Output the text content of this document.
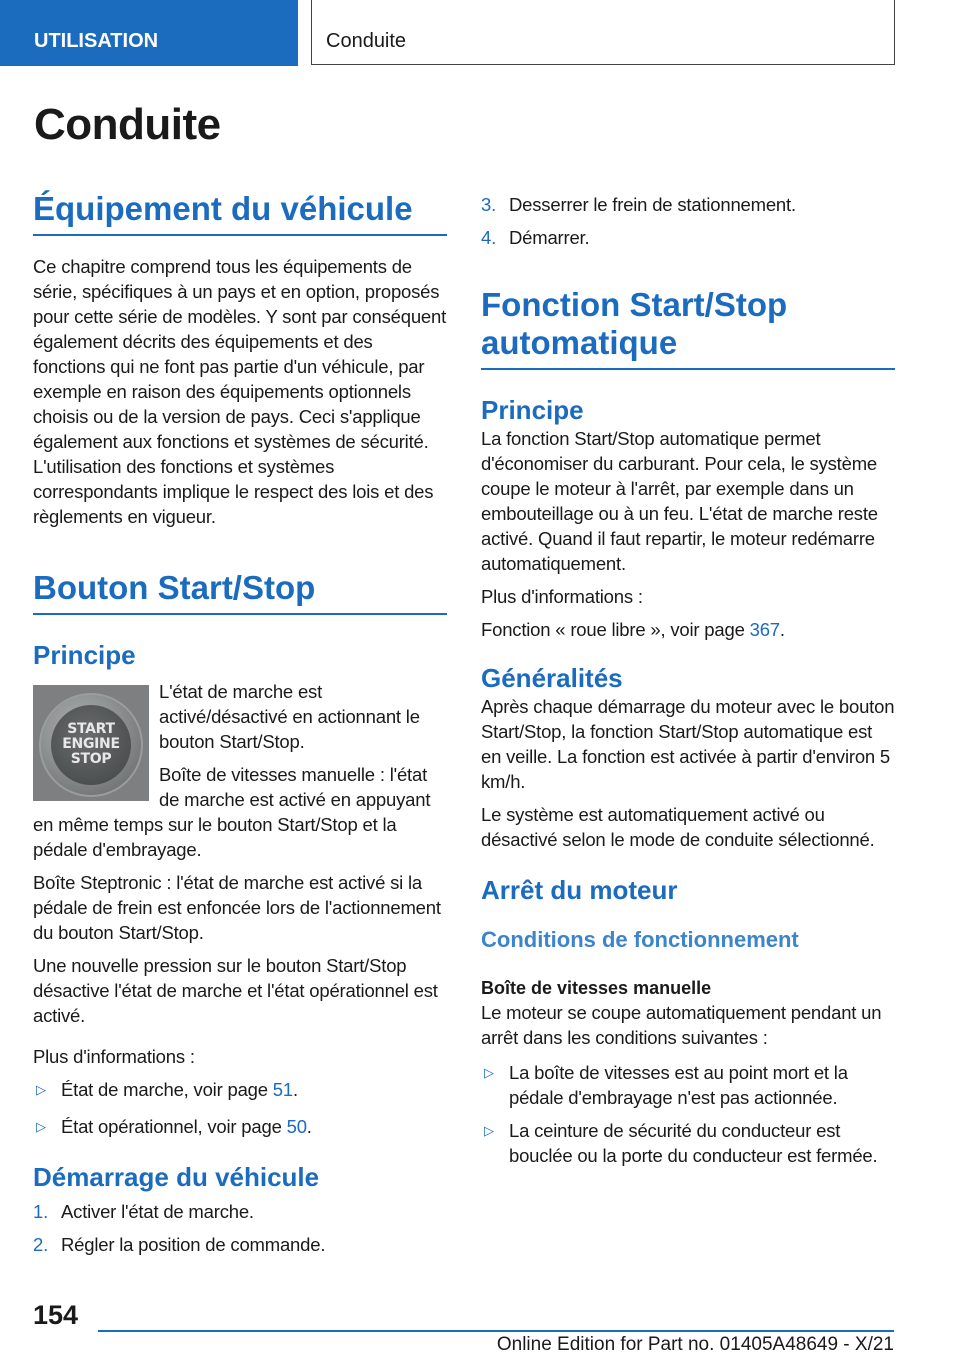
UTILISATION	Conduite
Conduite
Équipement du véhicule

Ce chapitre comprend tous les équipements de série, spécifiques à un pays et en option, proposés pour cette série de modèles. Y sont par conséquent également décrits des équipements et des fonctions qui ne font pas partie d'un véhicule, par exemple en raison des équipements optionnels choisis ou de la version de pays. Ceci s'applique également aux fonctions et systèmes de sécurité. L'utilisation des fonctions et systèmes correspondants implique le respect des lois et des règlements en vigueur.

Bouton Start/Stop
Principe
START
ENGINE
STOP

L'état de marche est activé/désactivé en actionnant le bouton Start/Stop.

Boîte de vitesses manuelle : l'état de marche est activé en appuyant en même temps sur le bouton Start/Stop et la pédale d'embrayage.

Boîte Steptronic : l'état de marche est activé si la pédale de frein est enfoncée lors de l'actionnement du bouton Start/Stop.

Une nouvelle pression sur le bouton Start/Stop désactive l'état de marche et l'état opérationnel est activé.

Plus d'informations :

▷ État de marche, voir page 51.
▷ État opérationnel, voir page 50.
Démarrage du véhicule
1. Activer l'état de marche.
2. Régler la position de commande.
3. Desserrer le frein de stationnement.
4. Démarrer.
Fonction Start/Stop automatique
Principe

La fonction Start/Stop automatique permet d'économiser du carburant. Pour cela, le système coupe le moteur à l'arrêt, par exemple dans un embouteillage ou à un feu. L'état de marche reste activé. Quand il faut repartir, le moteur redémarre automatiquement.

Plus d'informations :

Fonction « roue libre », voir page 367.

Généralités

Après chaque démarrage du moteur avec le bouton Start/Stop, la fonction Start/Stop automatique est en veille. La fonction est activée à partir d'environ 5 km/h.

Le système est automatiquement activé ou désactivé selon le mode de conduite sélectionné.

Arrêt du moteur
Conditions de fonctionnement
Boîte de vitesses manuelle

Le moteur se coupe automatiquement pendant un arrêt dans les conditions suivantes :

▷ La boîte de vitesses est au point mort et la pédale d'embrayage n'est pas actionnée.
▷ La ceinture de sécurité du conducteur est bouclée ou la porte du conducteur est fermée.
154
Online Edition for Part no. 01405A48649 - X/21
